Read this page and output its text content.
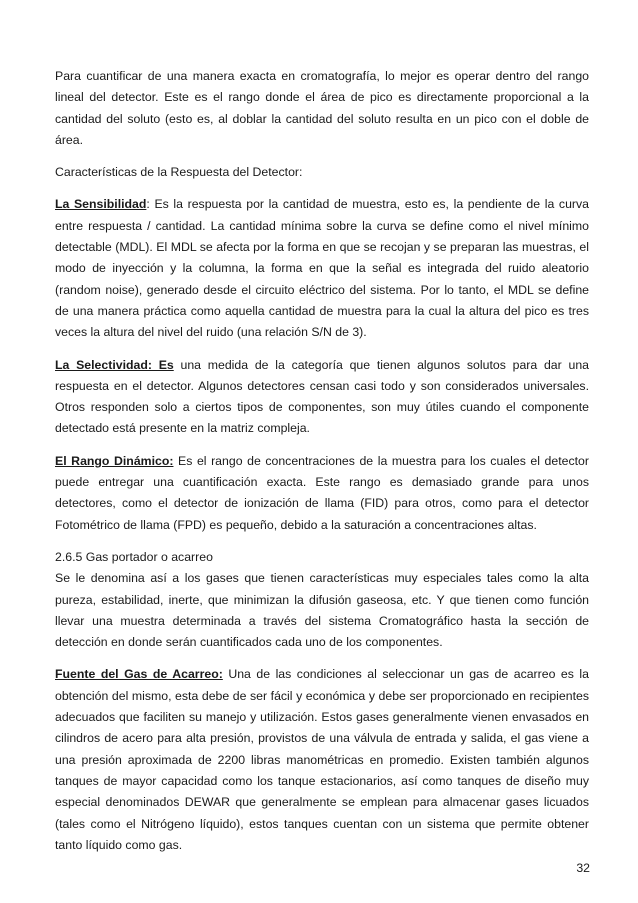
Para cuantificar de una manera exacta en cromatografía, lo mejor es operar dentro del rango lineal del detector. Este es el rango donde el área de pico es directamente proporcional a la cantidad del soluto (esto es, al doblar la cantidad del soluto resulta en un pico con el doble de área.

Características de la Respuesta del Detector:

La Sensibilidad: Es la respuesta por la cantidad de muestra, esto es, la pendiente de la curva entre respuesta / cantidad. La cantidad mínima sobre la curva se define como el nivel mínimo detectable (MDL). El MDL se afecta por la forma en que se recojan y se preparan las muestras, el modo de inyección y la columna, la forma en que la señal es integrada del ruido aleatorio (random noise), generado desde el circuito eléctrico del sistema. Por lo tanto, el MDL se define de una manera práctica como aquella cantidad de muestra para la cual la altura del pico es tres veces la altura del nivel del ruido (una relación S/N de 3).

La Selectividad: Es una medida de la categoría que tienen algunos solutos para dar una respuesta en el detector. Algunos detectores censan casi todo y son considerados universales. Otros responden solo a ciertos tipos de componentes, son muy útiles cuando el componente detectado está presente en la matriz compleja.

El Rango Dinámico: Es el rango de concentraciones de la muestra para los cuales el detector puede entregar una cuantificación exacta. Este rango es demasiado grande para unos detectores, como el detector de ionización de llama (FID) para otros, como para el detector Fotométrico de llama (FPD) es pequeño, debido a la saturación a concentraciones altas.

2.6.5 Gas portador o acarreo

Se le denomina así a los gases que tienen características muy especiales tales como la alta pureza, estabilidad, inerte, que minimizan la difusión gaseosa, etc. Y que tienen como función llevar una muestra determinada a través del sistema Cromatográfico hasta la sección de detección en donde serán cuantificados cada uno de los componentes.

Fuente del Gas de Acarreo: Una de las condiciones al seleccionar un gas de acarreo es la obtención del mismo, esta debe de ser fácil y económica y debe ser proporcionado en recipientes adecuados que faciliten su manejo y utilización. Estos gases generalmente vienen envasados en cilindros de acero para alta presión, provistos de una válvula de entrada y salida, el gas viene a una presión aproximada de 2200 libras manométricas en promedio. Existen también algunos tanques de mayor capacidad como los tanque estacionarios, así como tanques de diseño muy especial denominados DEWAR que generalmente se emplean para almacenar gases licuados (tales como el Nitrógeno líquido), estos tanques cuentan con un sistema que permite obtener tanto líquido como gas.

32
